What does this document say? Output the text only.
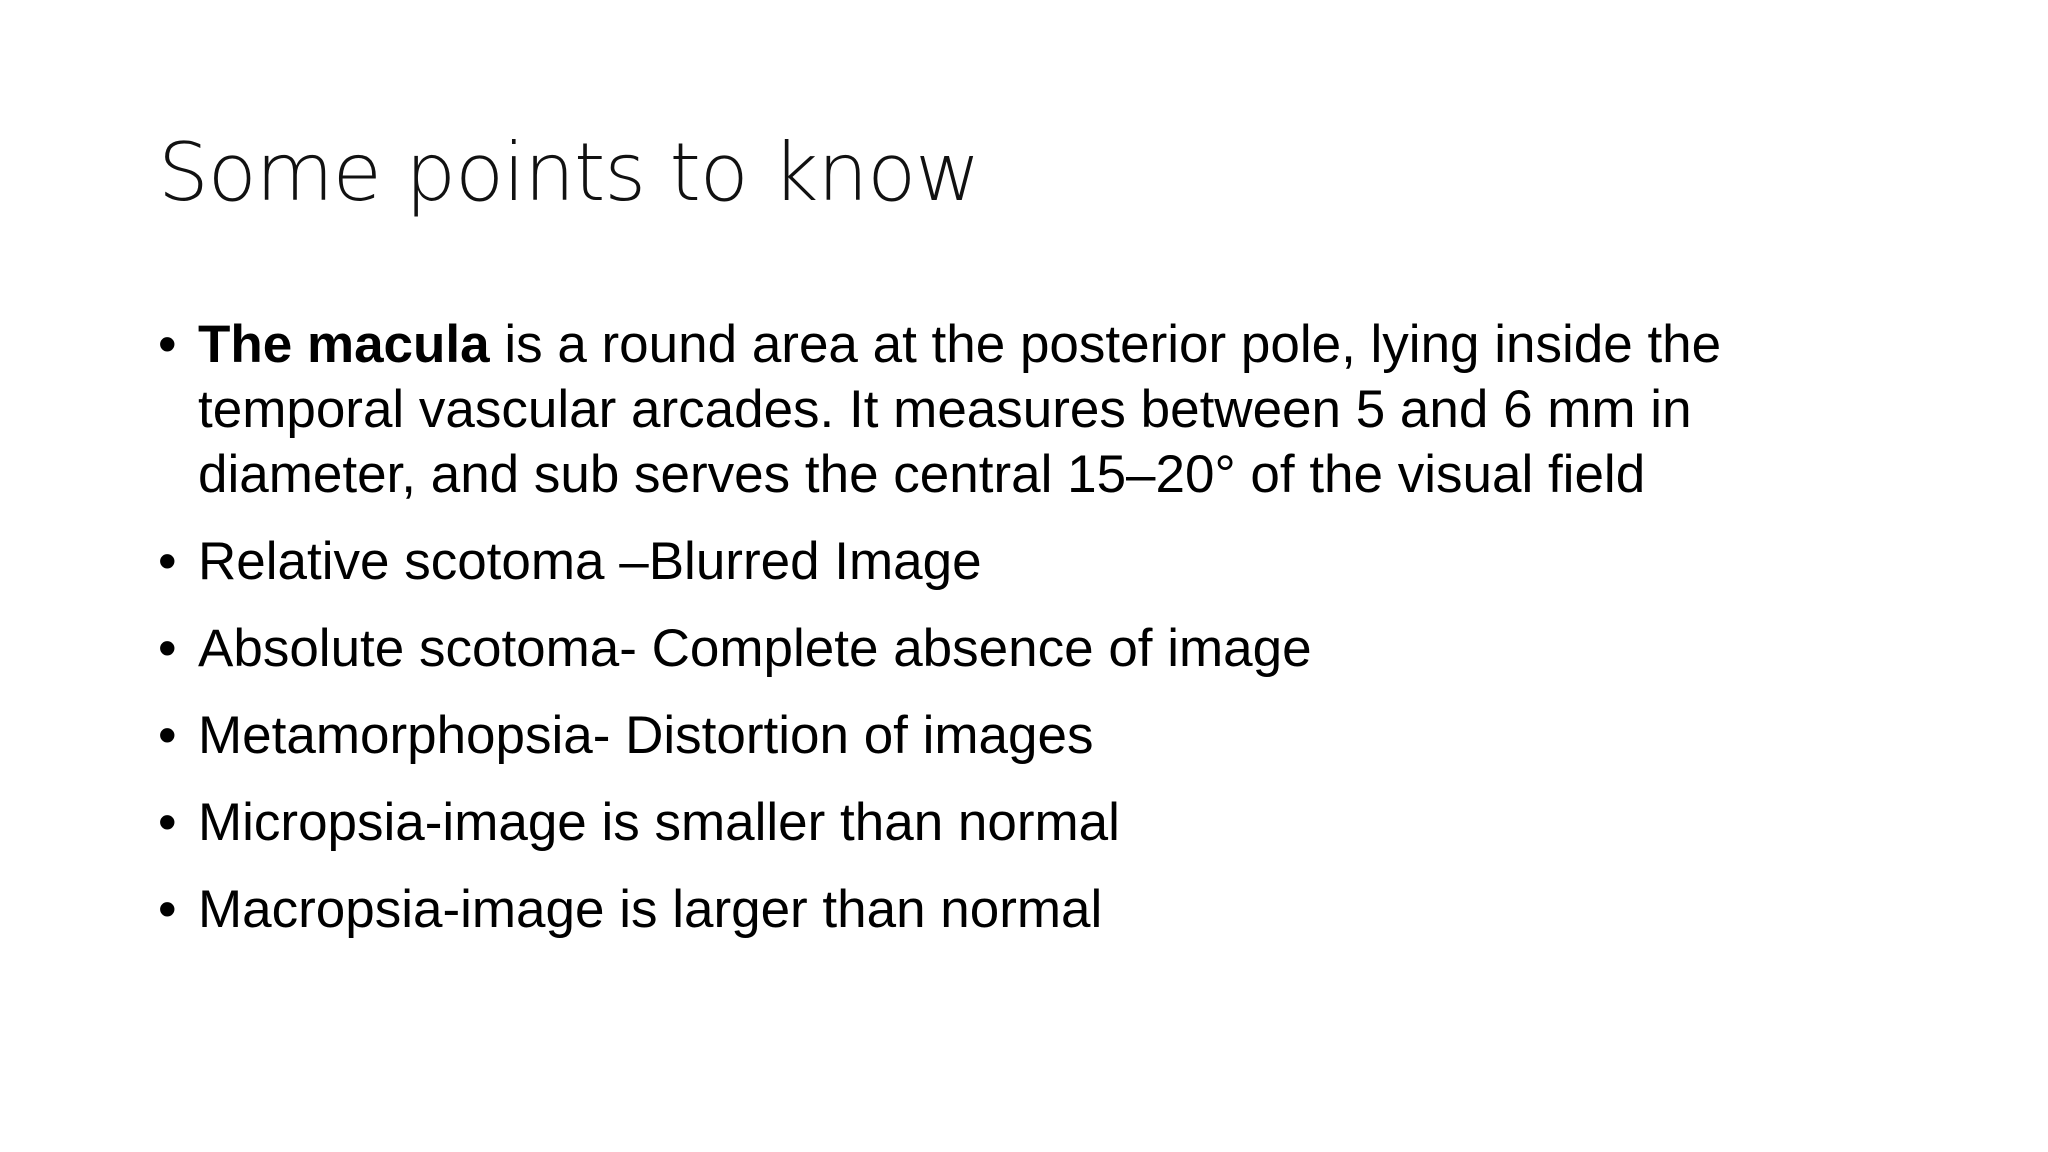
Some points to know
• The macula is a round area at the posterior pole, lying inside the temporal vascular arcades. It measures between 5 and 6 mm in diameter, and sub serves the central 15–20° of the visual field
• Relative scotoma –Blurred Image
• Absolute scotoma- Complete absence of image
• Metamorphopsia- Distortion of images
• Micropsia-image is smaller than normal
• Macropsia-image is larger than normal
